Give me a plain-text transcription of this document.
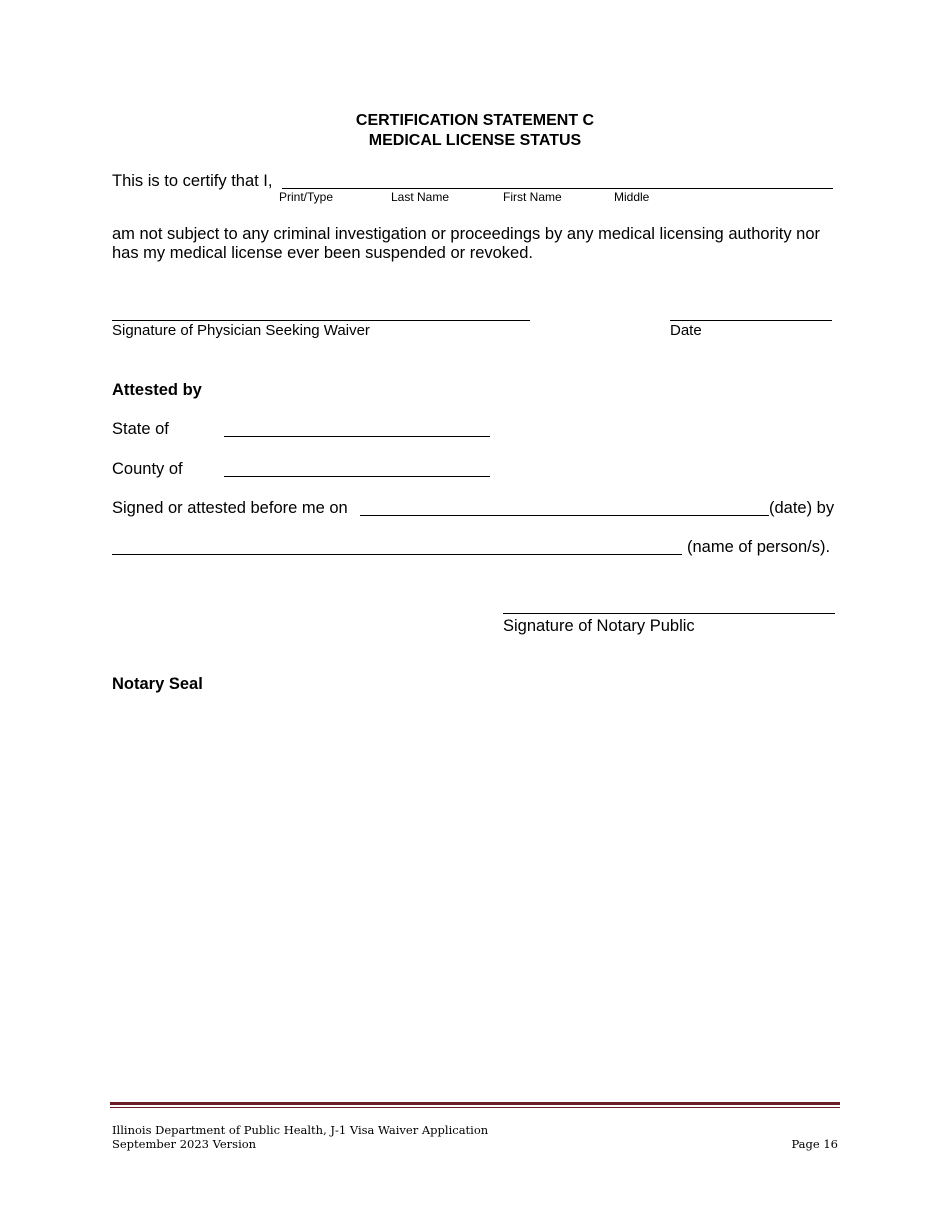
CERTIFICATION STATEMENT C
MEDICAL LICENSE STATUS
This is to certify that I,
Print/Type	Last Name	First Name	Middle
am not subject to any criminal investigation or proceedings by any medical licensing authority nor has my medical license ever been suspended or revoked.
Signature of Physician Seeking Waiver	Date
Attested by
State of
County of
Signed or attested before me on	(date) by
(name of person/s).
Signature of Notary Public
Notary Seal
Illinois Department of Public Health, J-1 Visa Waiver Application
September 2023 Version	Page 16
